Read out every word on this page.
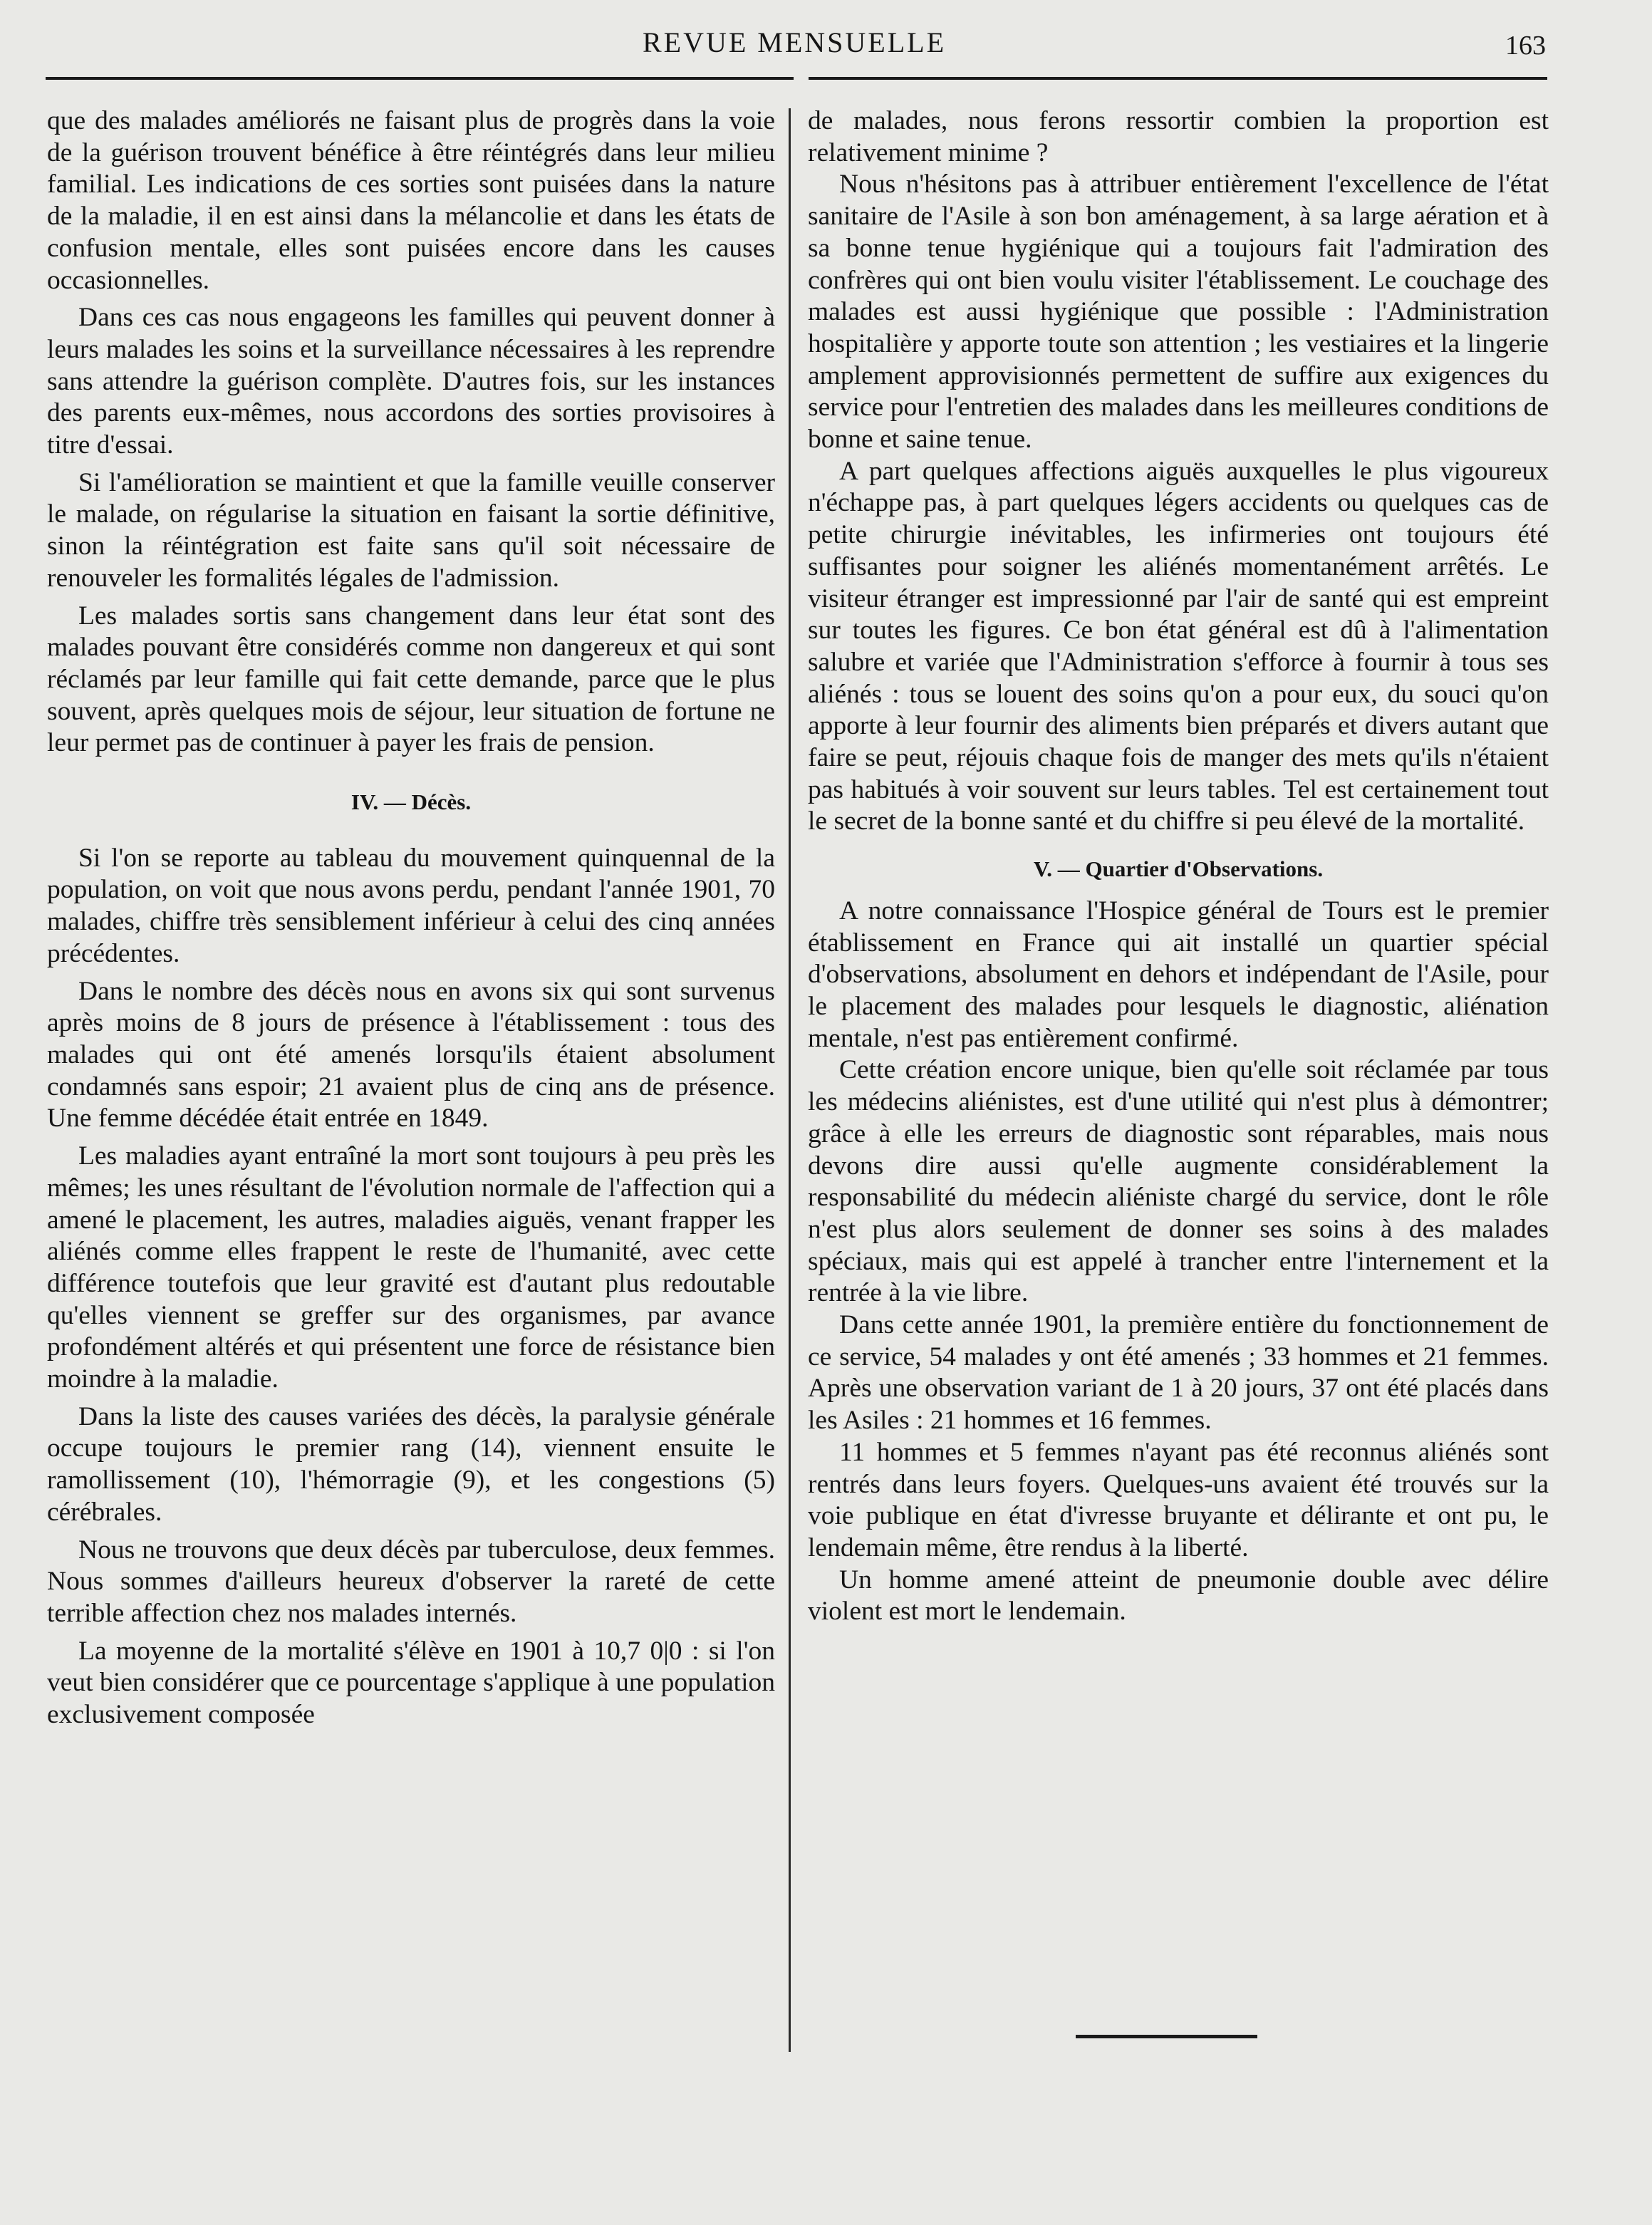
REVUE MENSUELLE	163

que des malades améliorés ne faisant plus de progrès dans la voie de la guérison trouvent bénéfice à être réintégrés dans leur milieu familial. Les indications de ces sorties sont puisées dans la nature de la maladie, il en est ainsi dans la mélancolie et dans les états de confusion mentale, elles sont puisées encore dans les causes occasionnelles.

Dans ces cas nous engageons les familles qui peuvent donner à leurs malades les soins et la surveillance nécessaires à les reprendre sans attendre la guérison complète. D'autres fois, sur les instances des parents eux-mêmes, nous accordons des sorties provisoires à titre d'essai.

Si l'amélioration se maintient et que la famille veuille conserver le malade, on régularise la situation en faisant la sortie définitive, sinon la réintégration est faite sans qu'il soit nécessaire de renouveler les formalités légales de l'admission.

Les malades sortis sans changement dans leur état sont des malades pouvant être considérés comme non dangereux et qui sont réclamés par leur famille qui fait cette demande, parce que le plus souvent, après quelques mois de séjour, leur situation de fortune ne leur permet pas de continuer à payer les frais de pension.

IV. — Décès.

Si l'on se reporte au tableau du mouvement quinquennal de la population, on voit que nous avons perdu, pendant l'année 1901, 70 malades, chiffre très sensiblement inférieur à celui des cinq années précédentes.

Dans le nombre des décès nous en avons six qui sont survenus après moins de 8 jours de présence à l'établissement : tous des malades qui ont été amenés lorsqu'ils étaient absolument condamnés sans espoir; 21 avaient plus de cinq ans de présence. Une femme décédée était entrée en 1849.

Les maladies ayant entraîné la mort sont toujours à peu près les mêmes; les unes résultant de l'évolution normale de l'affection qui a amené le placement, les autres, maladies aiguës, venant frapper les aliénés comme elles frappent le reste de l'humanité, avec cette différence toutefois que leur gravité est d'autant plus redoutable qu'elles viennent se greffer sur des organismes, par avance profondément altérés et qui présentent une force de résistance bien moindre à la maladie.

Dans la liste des causes variées des décès, la paralysie générale occupe toujours le premier rang (14), viennent ensuite le ramollissement (10), l'hémorragie (9), et les congestions (5) cérébrales.

Nous ne trouvons que deux décès par tuberculose, deux femmes. Nous sommes d'ailleurs heureux d'observer la rareté de cette terrible affection chez nos malades internés.

La moyenne de la mortalité s'élève en 1901 à 10,7 0|0 : si l'on veut bien considérer que ce pourcentage s'applique à une population exclusivement composée

de malades, nous ferons ressortir combien la proportion est relativement minime ?

Nous n'hésitons pas à attribuer entièrement l'excellence de l'état sanitaire de l'Asile à son bon aménagement, à sa large aération et à sa bonne tenue hygiénique qui a toujours fait l'admiration des confrères qui ont bien voulu visiter l'établissement. Le couchage des malades est aussi hygiénique que possible : l'Administration hospitalière y apporte toute son attention ; les vestiaires et la lingerie amplement approvisionnés permettent de suffire aux exigences du service pour l'entretien des malades dans les meilleures conditions de bonne et saine tenue.

A part quelques affections aiguës auxquelles le plus vigoureux n'échappe pas, à part quelques légers accidents ou quelques cas de petite chirurgie inévitables, les infirmeries ont toujours été suffisantes pour soigner les aliénés momentanément arrêtés. Le visiteur étranger est impressionné par l'air de santé qui est empreint sur toutes les figures. Ce bon état général est dû à l'alimentation salubre et variée que l'Administration s'efforce à fournir à tous ses aliénés : tous se louent des soins qu'on a pour eux, du souci qu'on apporte à leur fournir des aliments bien préparés et divers autant que faire se peut, réjouis chaque fois de manger des mets qu'ils n'étaient pas habitués à voir souvent sur leurs tables. Tel est certainement tout le secret de la bonne santé et du chiffre si peu élevé de la mortalité.

V. — Quartier d'Observations.

A notre connaissance l'Hospice général de Tours est le premier établissement en France qui ait installé un quartier spécial d'observations, absolument en dehors et indépendant de l'Asile, pour le placement des malades pour lesquels le diagnostic, aliénation mentale, n'est pas entièrement confirmé.

Cette création encore unique, bien qu'elle soit réclamée par tous les médecins aliénistes, est d'une utilité qui n'est plus à démontrer; grâce à elle les erreurs de diagnostic sont réparables, mais nous devons dire aussi qu'elle augmente considérablement la responsabilité du médecin aliéniste chargé du service, dont le rôle n'est plus alors seulement de donner ses soins à des malades spéciaux, mais qui est appelé à trancher entre l'internement et la rentrée à la vie libre.

Dans cette année 1901, la première entière du fonctionnement de ce service, 54 malades y ont été amenés ; 33 hommes et 21 femmes. Après une observation variant de 1 à 20 jours, 37 ont été placés dans les Asiles : 21 hommes et 16 femmes.

11 hommes et 5 femmes n'ayant pas été reconnus aliénés sont rentrés dans leurs foyers. Quelques-uns avaient été trouvés sur la voie publique en état d'ivresse bruyante et délirante et ont pu, le lendemain même, être rendus à la liberté.

Un homme amené atteint de pneumonie double avec délire violent est mort le lendemain.
